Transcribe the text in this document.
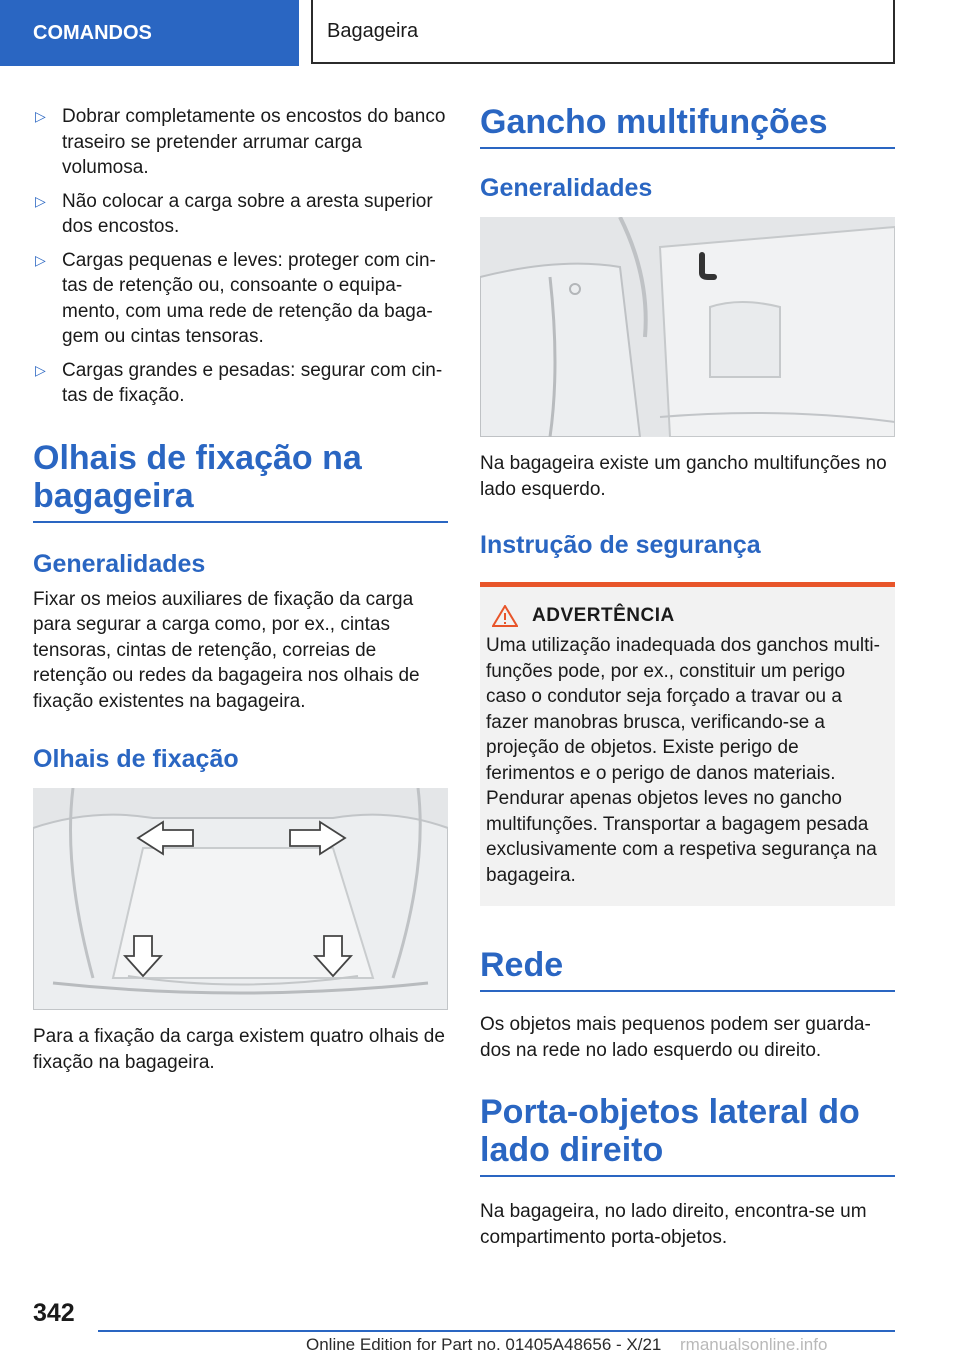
COMANDOS	Bagageira
▷ Dobrar completamente os encostos do banco traseiro se pretender arrumar carga volumosa.
▷ Não colocar a carga sobre a aresta superior dos encostos.
▷ Cargas pequenas e leves: proteger com cintas de retenção ou, consoante o equipamento, com uma rede de retenção da bagagem ou cintas tensoras.
▷ Cargas grandes e pesadas: segurar com cintas de fixação.
Olhais de fixação na bagageira
Generalidades

Fixar os meios auxiliares de fixação da carga para segurar a carga como, por ex., cintas tensoras, cintas de retenção, correias de retenção ou redes da bagageira nos olhais de fixação existentes na bagageira.

Olhais de fixação

Para a fixação da carga existem quatro olhais de fixação na bagageira.

Gancho multifunções
Generalidades

Na bagageira existe um gancho multifunções no lado esquerdo.

Instrução de segurança
ADVERTÊNCIA

Uma utilização inadequada dos ganchos multifunções pode, por ex., constituir um perigo caso o condutor seja forçado a travar ou a fazer manobras brusca, verificando-se a projeção de objetos. Existe perigo de ferimentos e o perigo de danos materiais. Pendurar apenas objetos leves no gancho multifunções. Transportar a bagagem pesada exclusivamente com a respetiva segurança na bagageira.

Rede

Os objetos mais pequenos podem ser guardados na rede no lado esquerdo ou direito.

Porta-objetos lateral do lado direito

Na bagageira, no lado direito, encontra-se um compartimento porta-objetos.

342
Online Edition for Part no. 01405A48656 - X/21 rmanualsonline.info
